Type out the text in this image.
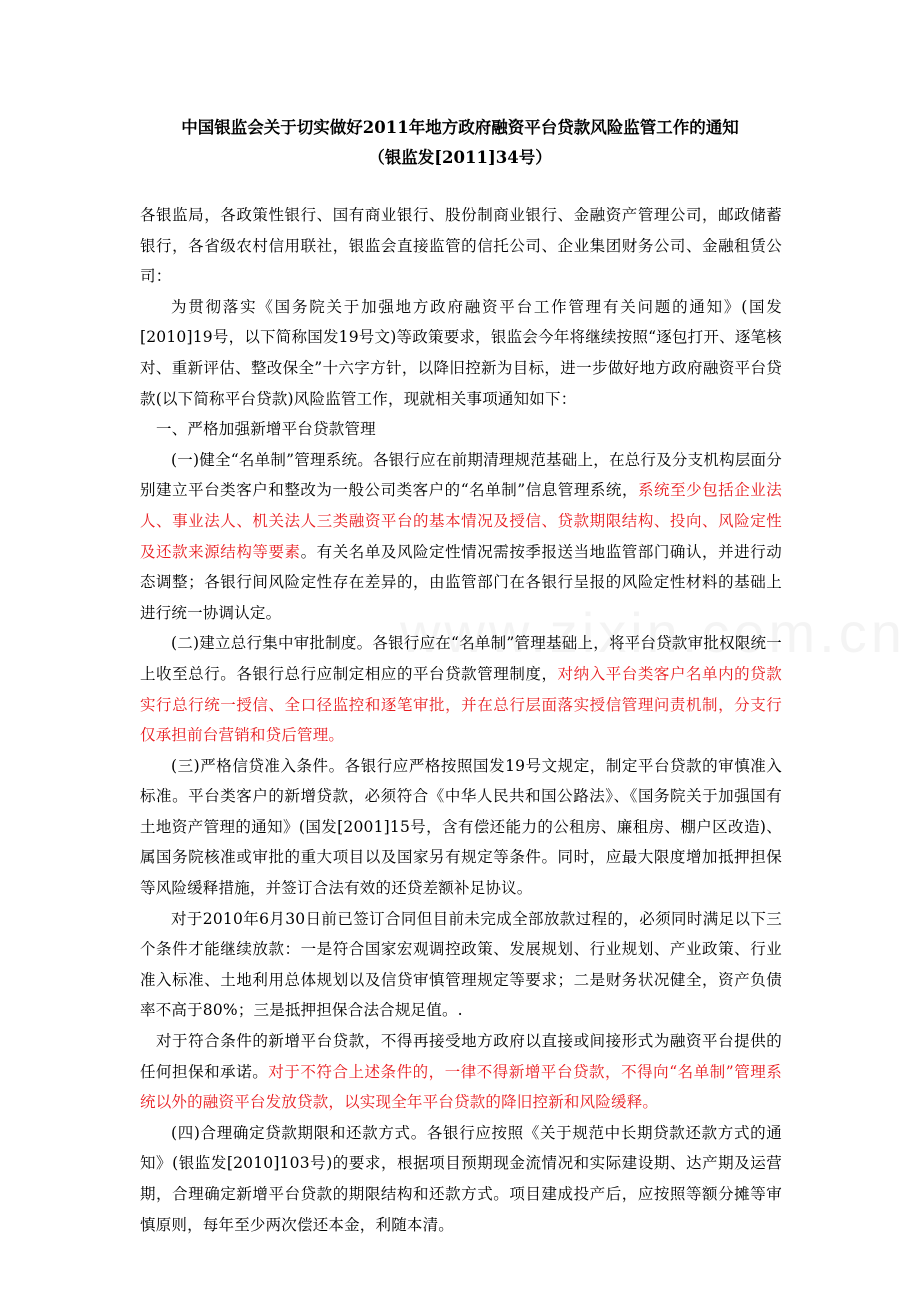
中国银监会关于切实做好2011年地方政府融资平台贷款风险监管工作的通知
（银监发[2011]34号）

各银监局，各政策性银行、国有商业银行、股份制商业银行、金融资产管理公司，邮政储蓄银行，各省级农村信用联社，银监会直接监管的信托公司、企业集团财务公司、金融租赁公司：

为贯彻落实《国务院关于加强地方政府融资平台工作管理有关问题的通知》(国发[2010]19号，以下简称国发19号文)等政策要求，银监会今年将继续按照“逐包打开、逐笔核对、重新评估、整改保全”十六字方针，以降旧控新为目标，进一步做好地方政府融资平台贷款(以下简称平台贷款)风险监管工作，现就相关事项通知如下：

一、严格加强新增平台贷款管理

(一)健全“名单制”管理系统。各银行应在前期清理规范基础上，在总行及分支机构层面分别建立平台类客户和整改为一般公司类客户的“名单制”信息管理系统，系统至少包括企业法人、事业法人、机关法人三类融资平台的基本情况及授信、贷款期限结构、投向、风险定性及还款来源结构等要素。有关名单及风险定性情况需按季报送当地监管部门确认，并进行动态调整；各银行间风险定性存在差异的，由监管部门在各银行呈报的风险定性材料的基础上进行统一协调认定。

(二)建立总行集中审批制度。各银行应在“名单制”管理基础上，将平台贷款审批权限统一上收至总行。各银行总行应制定相应的平台贷款管理制度，对纳入平台类客户名单内的贷款实行总行统一授信、全口径监控和逐笔审批，并在总行层面落实授信管理问责机制，分支行仅承担前台营销和贷后管理。

(三)严格信贷准入条件。各银行应严格按照国发19号文规定，制定平台贷款的审慎准入标准。平台类客户的新增贷款，必须符合《中华人民共和国公路法》、《国务院关于加强国有土地资产管理的通知》(国发[2001]15号，含有偿还能力的公租房、廉租房、棚户区改造)、属国务院核准或审批的重大项目以及国家另有规定等条件。同时，应最大限度增加抵押担保等风险缓释措施，并签订合法有效的还贷差额补足协议。

对于2010年6月30日前已签订合同但目前未完成全部放款过程的，必须同时满足以下三个条件才能继续放款：一是符合国家宏观调控政策、发展规划、行业规划、产业政策、行业准入标准、土地利用总体规划以及信贷审慎管理规定等要求；二是财务状况健全，资产负债率不高于80%；三是抵押担保合法合规足值。.

对于符合条件的新增平台贷款，不得再接受地方政府以直接或间接形式为融资平台提供的任何担保和承诺。对于不符合上述条件的，一律不得新增平台贷款，不得向“名单制”管理系统以外的融资平台发放贷款，以实现全年平台贷款的降旧控新和风险缓释。

(四)合理确定贷款期限和还款方式。各银行应按照《关于规范中长期贷款还款方式的通知》(银监发[2010]103号)的要求，根据项目预期现金流情况和实际建设期、达产期及运营期，合理确定新增平台贷款的期限结构和还款方式。项目建成投产后，应按照等额分摊等审慎原则，每年至少两次偿还本金，利随本清。
